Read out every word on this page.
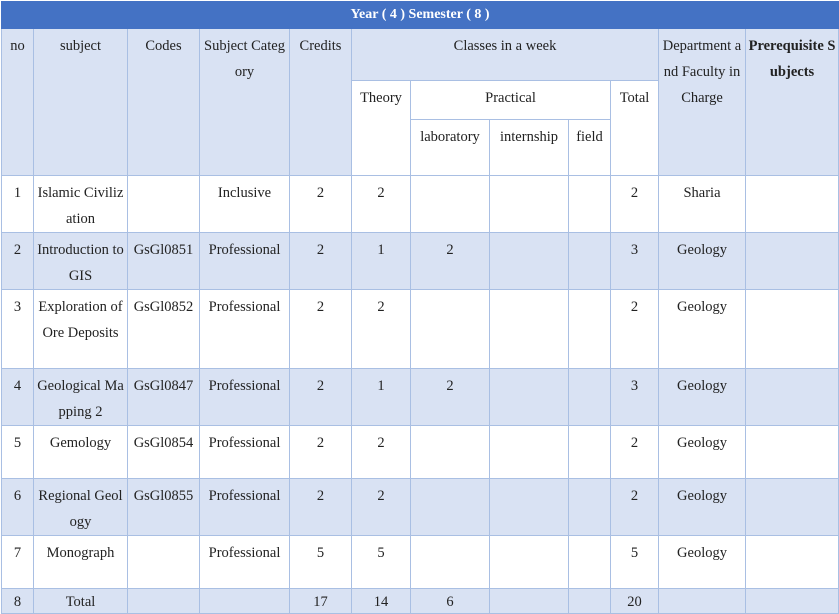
Year ( 4 ) Semester ( 8 )											
no	subject	Codes	Subject Category	Credits	Classes in a week					Department and Faculty in Charge	Prerequisite Subjects
					Theory	Practical			Total		
						laboratory	internship	field			
1	Islamic Civilization		Inclusive	2	2				2	Sharia	
2	Introduction to GIS	GsGl0851	Professional	2	1	2			3	Geology	
3	Exploration of Ore Deposits	GsGl0852	Professional	2	2				2	Geology	
4	Geological Mapping 2	GsGl0847	Professional	2	1	2			3	Geology	
5	Gemology	GsGl0854	Professional	2	2				2	Geology	
6	Regional Geology	GsGl0855	Professional	2	2				2	Geology	
7	Monograph		Professional	5	5				5	Geology	
8	Total			17	14	6			20		
